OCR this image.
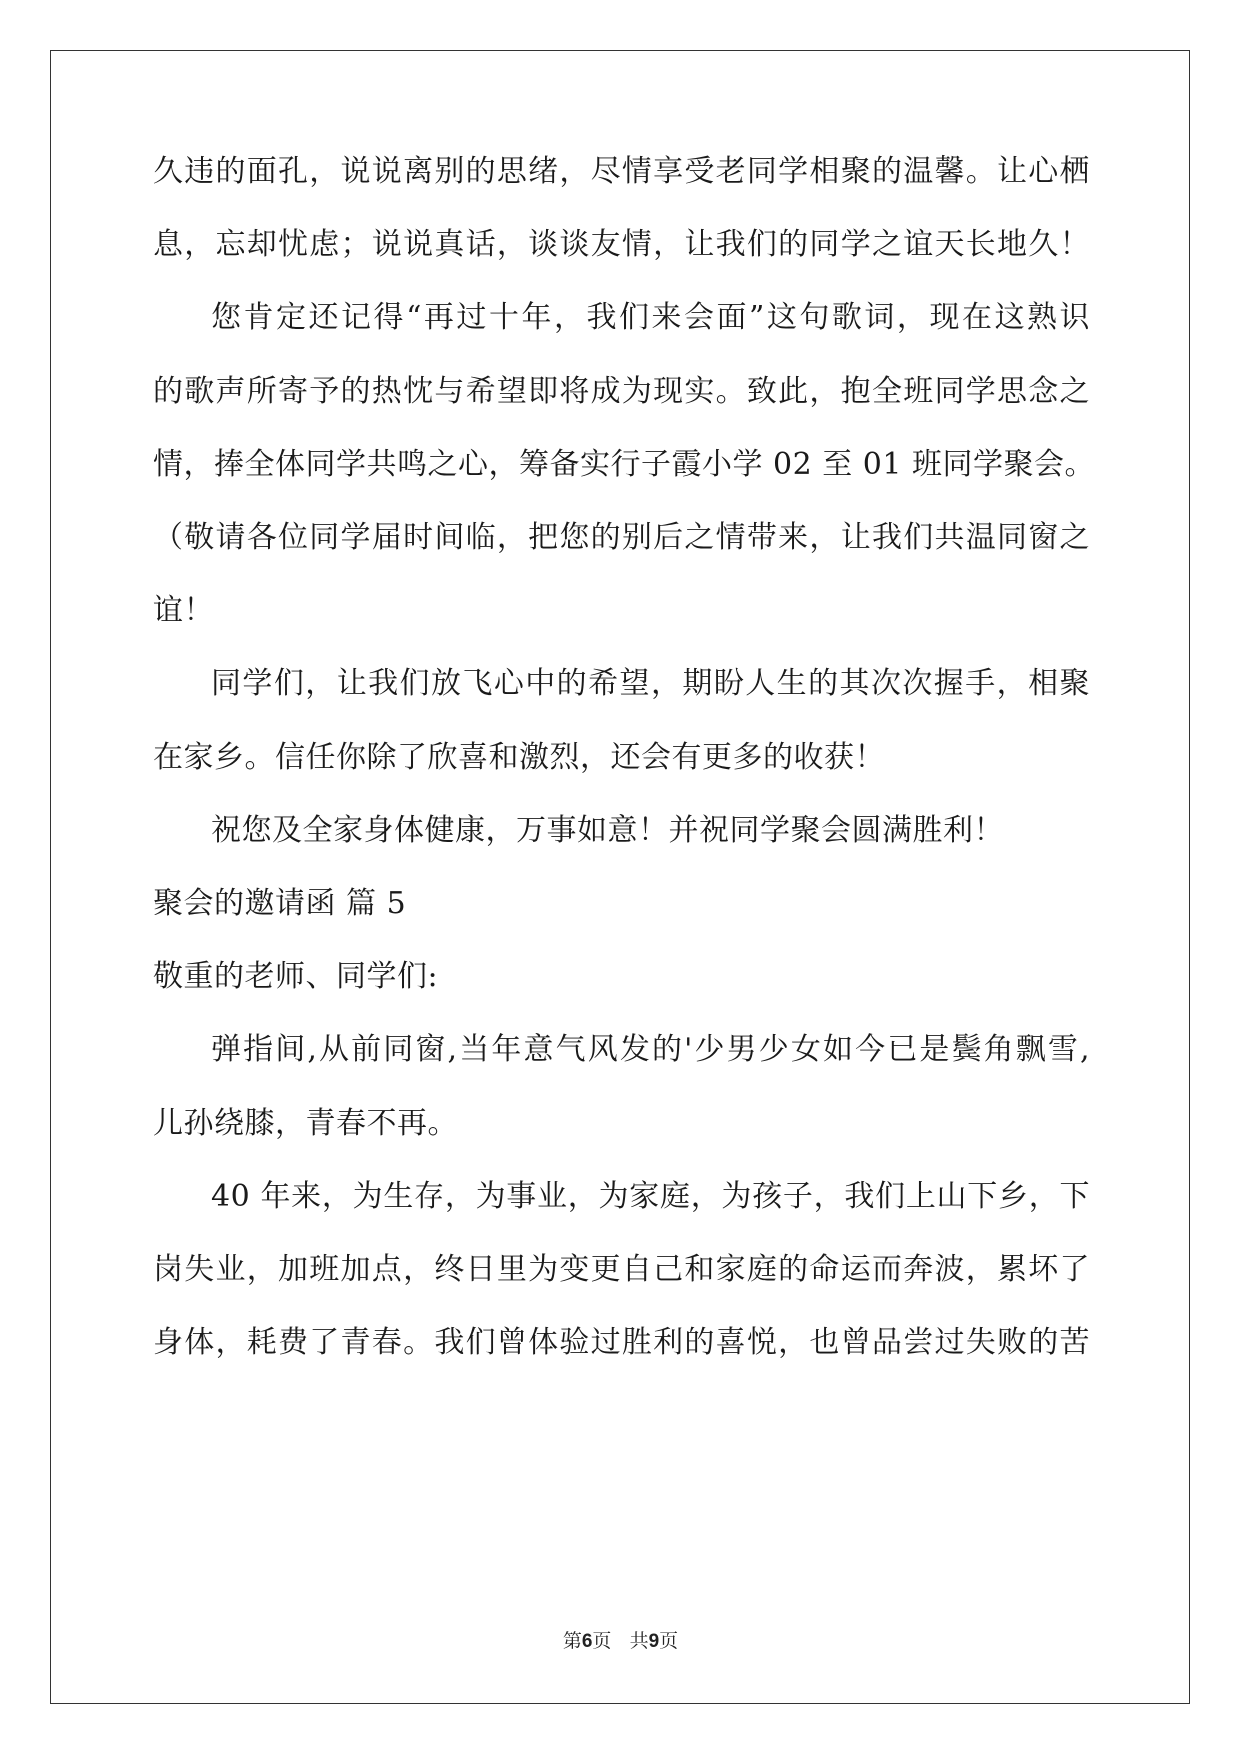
久违的面孔，说说离别的思绪，尽情享受老同学相聚的温馨。让心栖
息，忘却忧虑；说说真话，谈谈友情，让我们的同学之谊天长地久！
您肯定还记得“再过十年，我们来会面”这句歌词，现在这熟识
的歌声所寄予的热忱与希望即将成为现实。致此，抱全班同学思念之
情，捧全体同学共鸣之心，筹备实行子霞小学 02 至 01 班同学聚会。
（敬请各位同学届时间临，把您的别后之情带来，让我们共温同窗之
谊！
同学们，让我们放飞心中的希望，期盼人生的其次次握手，相聚
在家乡。信任你除了欣喜和激烈，还会有更多的收获！
祝您及全家身体健康，万事如意！并祝同学聚会圆满胜利！
聚会的邀请函 篇 5
敬重的老师、同学们:
弹指间,从前同窗,当年意气风发的'少男少女如今已是鬓角飘雪,
儿孙绕膝，青春不再。
40 年来，为生存，为事业，为家庭，为孩子，我们上山下乡，下
岗失业，加班加点，终日里为变更自己和家庭的命运而奔波，累坏了
身体，耗费了青春。我们曾体验过胜利的喜悦，也曾品尝过失败的苦
第6页 共9页
